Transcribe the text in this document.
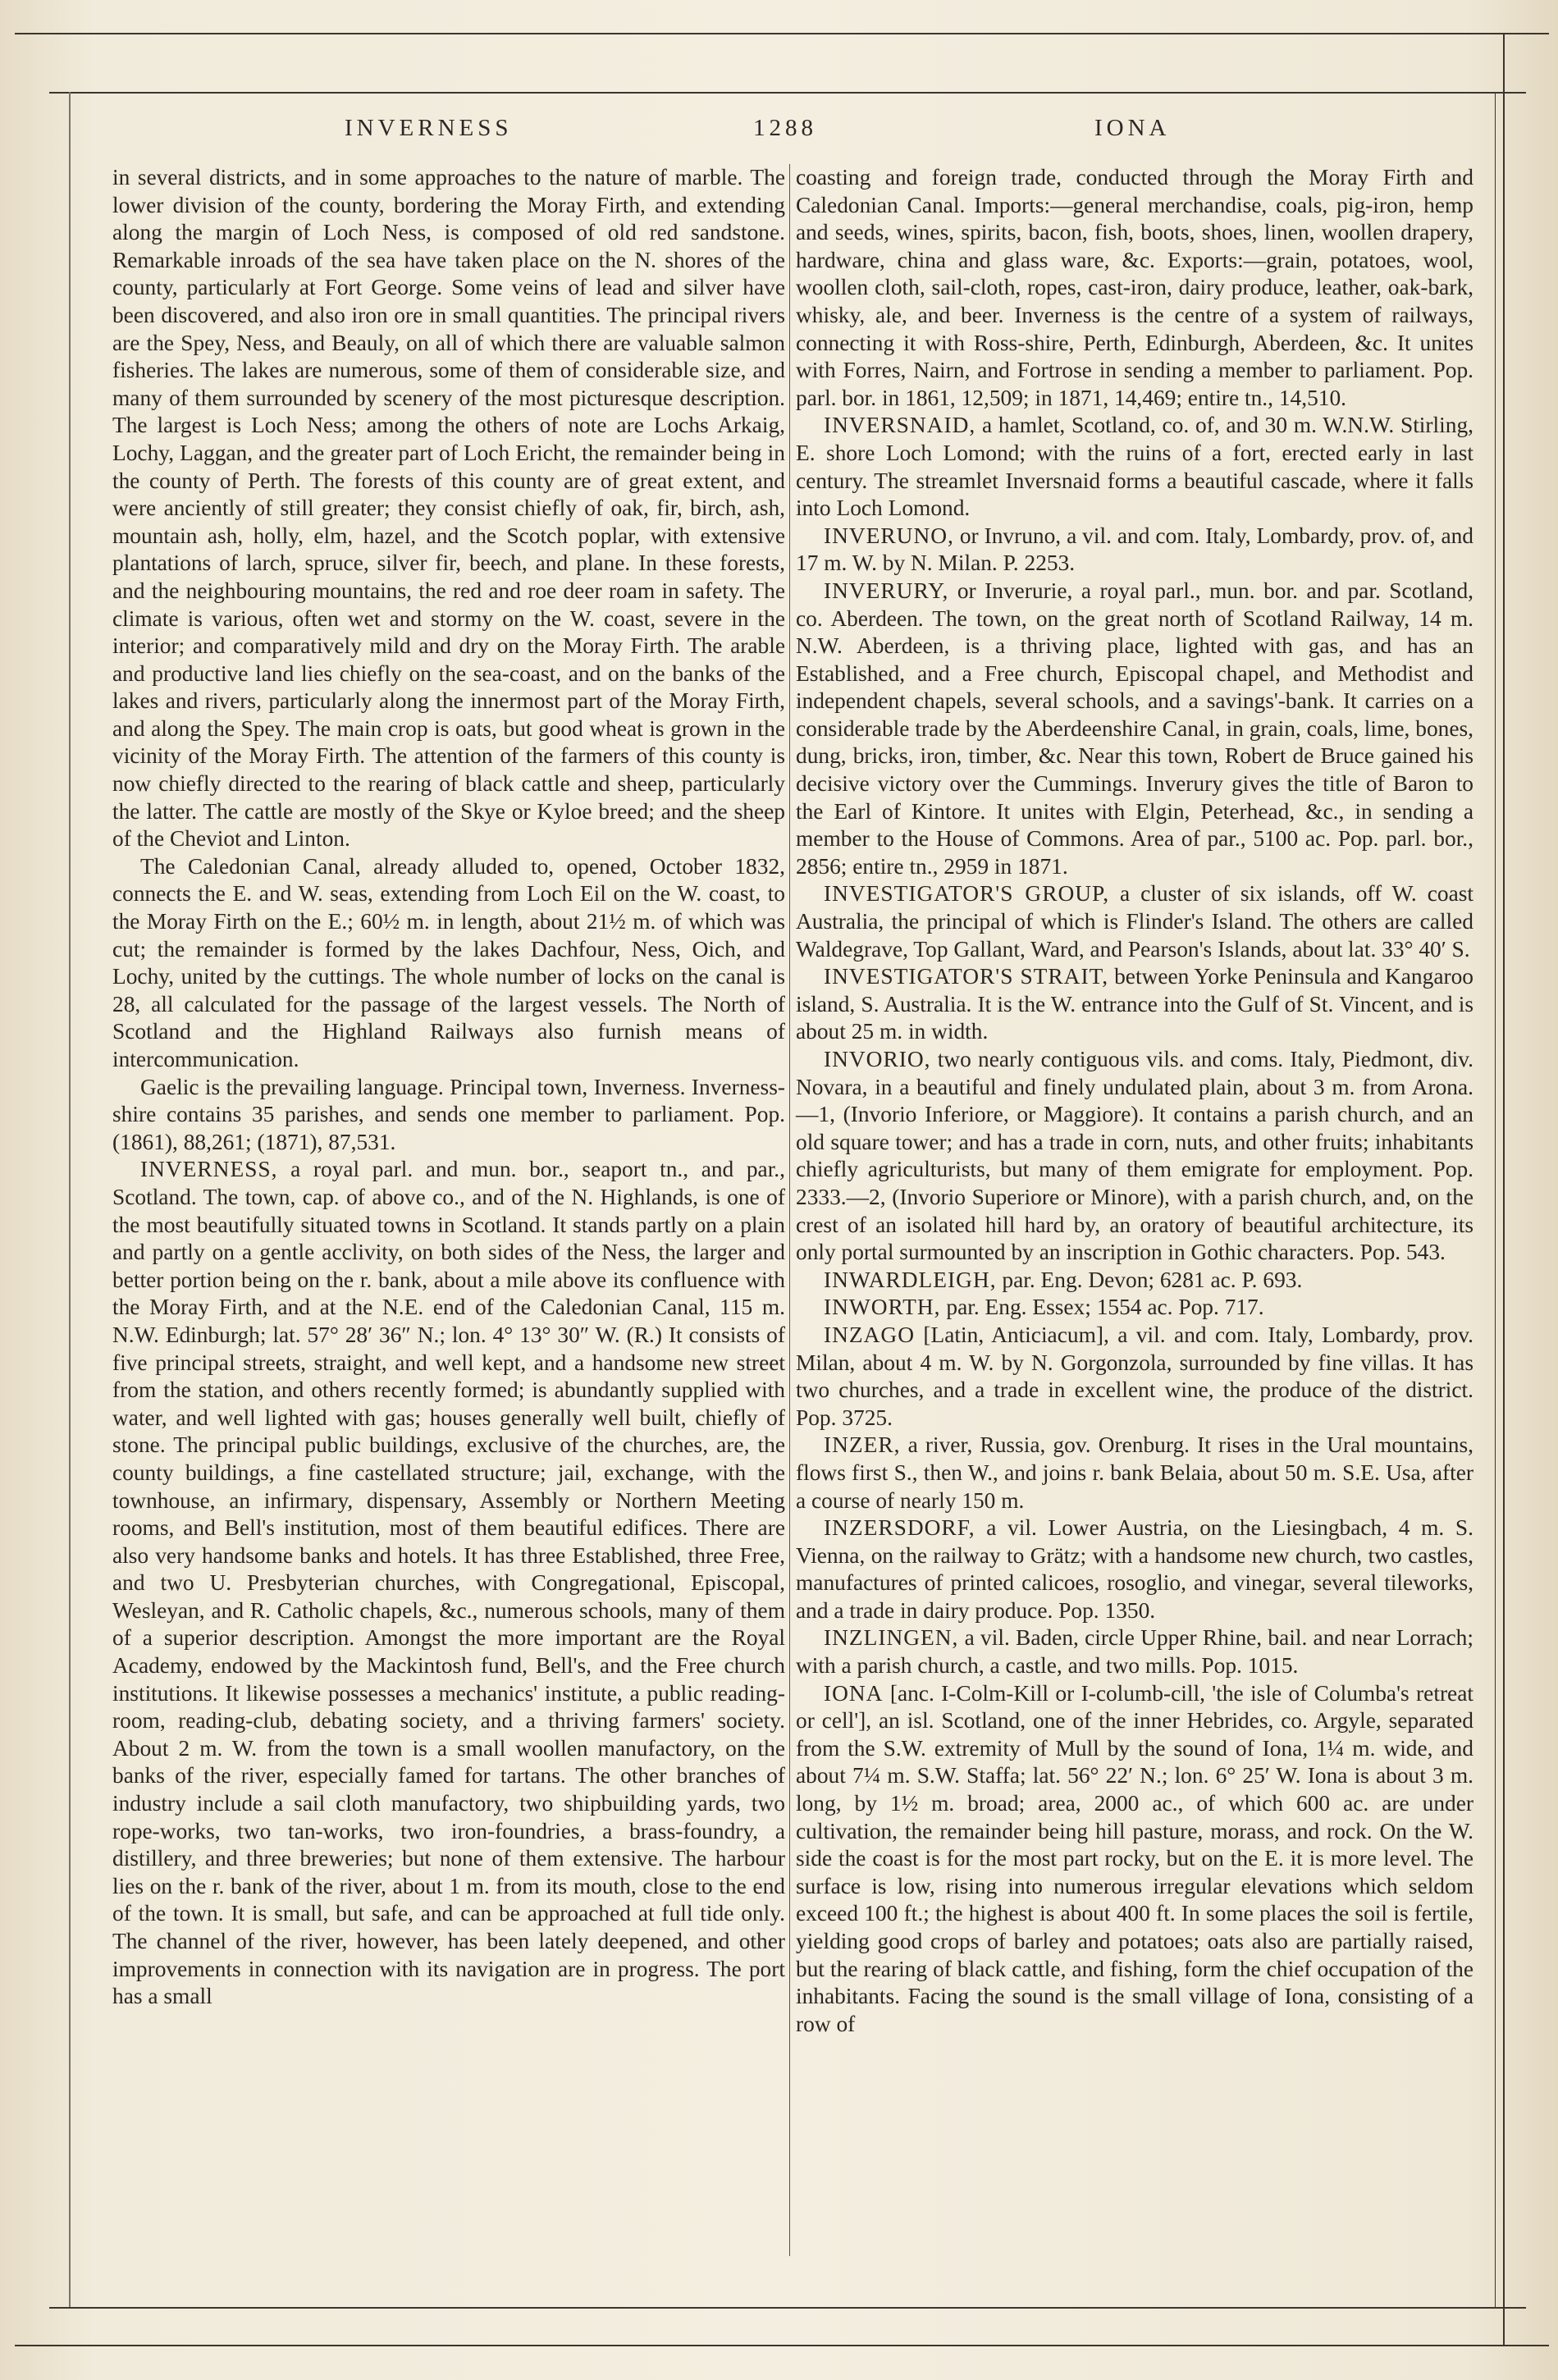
INVERNESS	1288	IONA

in several districts, and in some approaches to the nature of marble. The lower division of the county, bordering the Moray Firth, and extending along the margin of Loch Ness, is composed of old red sandstone. Remarkable inroads of the sea have taken place on the N. shores of the county, particularly at Fort George. Some veins of lead and silver have been discovered, and also iron ore in small quantities. The principal rivers are the Spey, Ness, and Beauly, on all of which there are valuable salmon fisheries. The lakes are numerous, some of them of considerable size, and many of them surrounded by scenery of the most picturesque description. The largest is Loch Ness; among the others of note are Lochs Arkaig, Lochy, Laggan, and the greater part of Loch Ericht, the remainder being in the county of Perth. The forests of this county are of great extent, and were anciently of still greater; they consist chiefly of oak, fir, birch, ash, mountain ash, holly, elm, hazel, and the Scotch poplar, with extensive plantations of larch, spruce, silver fir, beech, and plane. In these forests, and the neighbouring mountains, the red and roe deer roam in safety. The climate is various, often wet and stormy on the W. coast, severe in the interior; and comparatively mild and dry on the Moray Firth. The arable and productive land lies chiefly on the sea-coast, and on the banks of the lakes and rivers, particularly along the innermost part of the Moray Firth, and along the Spey. The main crop is oats, but good wheat is grown in the vicinity of the Moray Firth. The attention of the farmers of this county is now chiefly directed to the rearing of black cattle and sheep, particularly the latter. The cattle are mostly of the Skye or Kyloe breed; and the sheep of the Cheviot and Linton.

The Caledonian Canal, already alluded to, opened, October 1832, connects the E. and W. seas, extending from Loch Eil on the W. coast, to the Moray Firth on the E.; 60½ m. in length, about 21½ m. of which was cut; the remainder is formed by the lakes Dachfour, Ness, Oich, and Lochy, united by the cuttings. The whole number of locks on the canal is 28, all calculated for the passage of the largest vessels. The North of Scotland and the Highland Railways also furnish means of intercommunication.

Gaelic is the prevailing language. Principal town, Inverness. Inverness-shire contains 35 parishes, and sends one member to parliament. Pop. (1861), 88,261; (1871), 87,531.

INVERNESS, a royal parl. and mun. bor., seaport tn., and par., Scotland. The town, cap. of above co., and of the N. Highlands, is one of the most beautifully situated towns in Scotland. It stands partly on a plain and partly on a gentle acclivity, on both sides of the Ness, the larger and better portion being on the r. bank, about a mile above its confluence with the Moray Firth, and at the N.E. end of the Caledonian Canal, 115 m. N.W. Edinburgh; lat. 57° 28′ 36″ N.; lon. 4° 13° 30″ W. (R.) It consists of five principal streets, straight, and well kept, and a handsome new street from the station, and others recently formed; is abundantly supplied with water, and well lighted with gas; houses generally well built, chiefly of stone. The principal public buildings, exclusive of the churches, are, the county buildings, a fine castellated structure; jail, exchange, with the townhouse, an infirmary, dispensary, Assembly or Northern Meeting rooms, and Bell's institution, most of them beautiful edifices. There are also very handsome banks and hotels. It has three Established, three Free, and two U. Presbyterian churches, with Congregational, Episcopal, Wesleyan, and R. Catholic chapels, &c., numerous schools, many of them of a superior description. Amongst the more important are the Royal Academy, endowed by the Mackintosh fund, Bell's, and the Free church institutions. It likewise possesses a mechanics' institute, a public reading-room, reading-club, debating society, and a thriving farmers' society. About 2 m. W. from the town is a small woollen manufactory, on the banks of the river, especially famed for tartans. The other branches of industry include a sail cloth manufactory, two shipbuilding yards, two rope-works, two tan-works, two iron-foundries, a brass-foundry, a distillery, and three breweries; but none of them extensive. The harbour lies on the r. bank of the river, about 1 m. from its mouth, close to the end of the town. It is small, but safe, and can be approached at full tide only. The channel of the river, however, has been lately deepened, and other improvements in connection with its navigation are in progress. The port has a small

coasting and foreign trade, conducted through the Moray Firth and Caledonian Canal. Imports:—general merchandise, coals, pig-iron, hemp and seeds, wines, spirits, bacon, fish, boots, shoes, linen, woollen drapery, hardware, china and glass ware, &c. Exports:—grain, potatoes, wool, woollen cloth, sail-cloth, ropes, cast-iron, dairy produce, leather, oak-bark, whisky, ale, and beer. Inverness is the centre of a system of railways, connecting it with Ross-shire, Perth, Edinburgh, Aberdeen, &c. It unites with Forres, Nairn, and Fortrose in sending a member to parliament. Pop. parl. bor. in 1861, 12,509; in 1871, 14,469; entire tn., 14,510.

INVERSNAID, a hamlet, Scotland, co. of, and 30 m. W.N.W. Stirling, E. shore Loch Lomond; with the ruins of a fort, erected early in last century. The streamlet Inversnaid forms a beautiful cascade, where it falls into Loch Lomond.

INVERUNO, or Invruno, a vil. and com. Italy, Lombardy, prov. of, and 17 m. W. by N. Milan. P. 2253.

INVERURY, or Inverurie, a royal parl., mun. bor. and par. Scotland, co. Aberdeen. The town, on the great north of Scotland Railway, 14 m. N.W. Aberdeen, is a thriving place, lighted with gas, and has an Established, and a Free church, Episcopal chapel, and Methodist and independent chapels, several schools, and a savings'-bank. It carries on a considerable trade by the Aberdeenshire Canal, in grain, coals, lime, bones, dung, bricks, iron, timber, &c. Near this town, Robert de Bruce gained his decisive victory over the Cummings. Inverury gives the title of Baron to the Earl of Kintore. It unites with Elgin, Peterhead, &c., in sending a member to the House of Commons. Area of par., 5100 ac. Pop. parl. bor., 2856; entire tn., 2959 in 1871.

INVESTIGATOR'S GROUP, a cluster of six islands, off W. coast Australia, the principal of which is Flinder's Island. The others are called Waldegrave, Top Gallant, Ward, and Pearson's Islands, about lat. 33° 40′ S.

INVESTIGATOR'S STRAIT, between Yorke Peninsula and Kangaroo island, S. Australia. It is the W. entrance into the Gulf of St. Vincent, and is about 25 m. in width.

INVORIO, two nearly contiguous vils. and coms. Italy, Piedmont, div. Novara, in a beautiful and finely undulated plain, about 3 m. from Arona.—1, (Invorio Inferiore, or Maggiore). It contains a parish church, and an old square tower; and has a trade in corn, nuts, and other fruits; inhabitants chiefly agriculturists, but many of them emigrate for employment. Pop. 2333.—2, (Invorio Superiore or Minore), with a parish church, and, on the crest of an isolated hill hard by, an oratory of beautiful architecture, its only portal surmounted by an inscription in Gothic characters. Pop. 543.

INWARDLEIGH, par. Eng. Devon; 6281 ac. P. 693.

INWORTH, par. Eng. Essex; 1554 ac. Pop. 717.

INZAGO [Latin, Anticiacum], a vil. and com. Italy, Lombardy, prov. Milan, about 4 m. W. by N. Gorgonzola, surrounded by fine villas. It has two churches, and a trade in excellent wine, the produce of the district. Pop. 3725.

INZER, a river, Russia, gov. Orenburg. It rises in the Ural mountains, flows first S., then W., and joins r. bank Belaia, about 50 m. S.E. Usa, after a course of nearly 150 m.

INZERSDORF, a vil. Lower Austria, on the Liesingbach, 4 m. S. Vienna, on the railway to Grätz; with a handsome new church, two castles, manufactures of printed calicoes, rosoglio, and vinegar, several tileworks, and a trade in dairy produce. Pop. 1350.

INZLINGEN, a vil. Baden, circle Upper Rhine, bail. and near Lorrach; with a parish church, a castle, and two mills. Pop. 1015.

IONA [anc. I-Colm-Kill or I-columb-cill, 'the isle of Columba's retreat or cell'], an isl. Scotland, one of the inner Hebrides, co. Argyle, separated from the S.W. extremity of Mull by the sound of Iona, 1¼ m. wide, and about 7¼ m. S.W. Staffa; lat. 56° 22′ N.; lon. 6° 25′ W. Iona is about 3 m. long, by 1½ m. broad; area, 2000 ac., of which 600 ac. are under cultivation, the remainder being hill pasture, morass, and rock. On the W. side the coast is for the most part rocky, but on the E. it is more level. The surface is low, rising into numerous irregular elevations which seldom exceed 100 ft.; the highest is about 400 ft. In some places the soil is fertile, yielding good crops of barley and potatoes; oats also are partially raised, but the rearing of black cattle, and fishing, form the chief occupation of the inhabitants. Facing the sound is the small village of Iona, consisting of a row of
